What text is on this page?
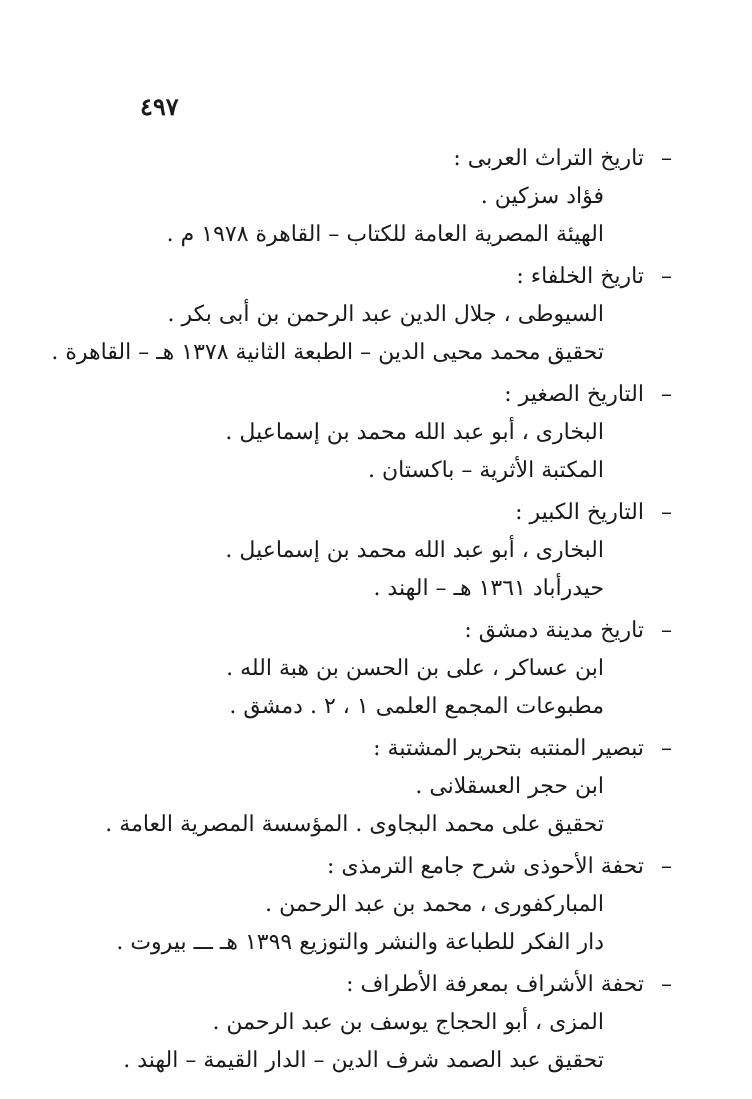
٤٩٧
–
تاريخ التراث العربى :
فؤاد سزكين .
الهيئة المصرية العامة للكتاب – القاهرة ١٩٧٨ م .
–
تاريخ الخلفاء :
السيوطى ، جلال الدين عبد الرحمن بن أبى بكر .
تحقيق محمد محيى الدين – الطبعة الثانية ١٣٧٨ هـ – القاهرة .
–
التاريخ الصغير :
البخارى ، أبو عبد الله محمد بن إسماعيل .
المكتبة الأثرية – باكستان .
–
التاريخ الكبير :
البخارى ، أبو عبد الله محمد بن إسماعيل .
حيدرأباد ١٣٦١ هـ – الهند .
–
تاريخ مدينة دمشق :
ابن عساكر ، على بن الحسن بن هبة الله .
مطبوعات المجمع العلمى ١ ، ٢ . دمشق .
–
تبصير المنتبه بتحرير المشتبة :
ابن حجر العسقلانى .
تحقيق على محمد البجاوى . المؤسسة المصرية العامة .
–
تحفة الأحوذى شرح جامع الترمذى :
المباركفورى ، محمد بن عبد الرحمن .
دار الفكر للطباعة والنشر والتوزيع ١٣٩٩ هـ ـــ بيروت .
–
تحفة الأشراف بمعرفة الأطراف :
المزى ، أبو الحجاج يوسف بن عبد الرحمن .
تحقيق عبد الصمد شرف الدين – الدار القيمة – الهند .
